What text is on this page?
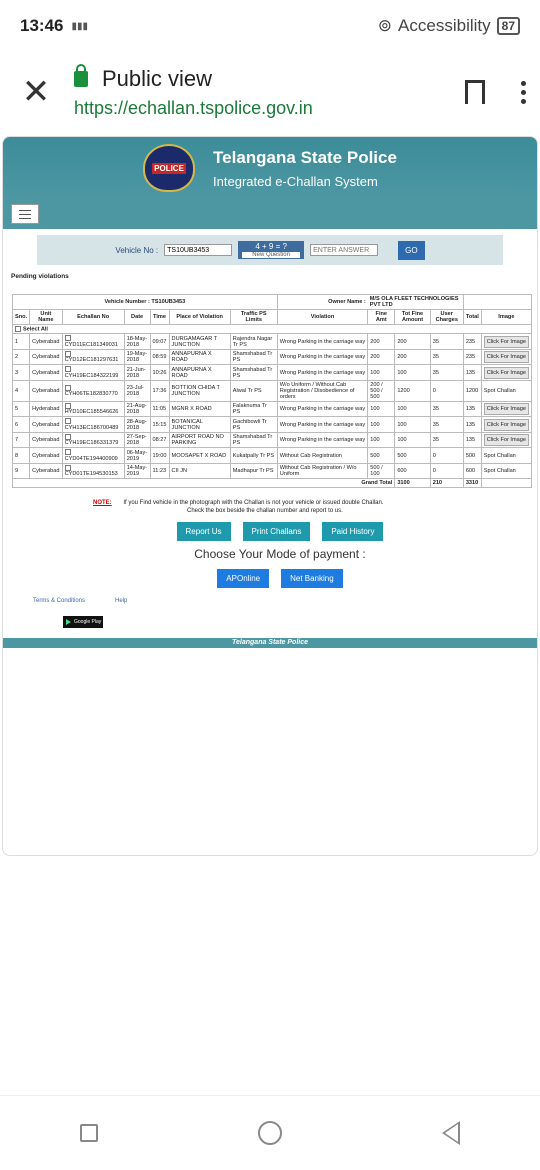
13:46 ▮▮▮	⊚ Accessibility 87
✕	Public view
https://echallan.tspolice.gov.in
POLICE
Telangana State Police
Integrated e-Challan System
Vehicle No :
TS10UB3453	4 + 9 = ?
New Question
ENTER ANSWER
GO
Pending violations
Vehicle Number : TS10UB3453							Owner Name :	M/S OLA FLEET TECHNOLOGIES PVT LTD				
Sno.	Unit Name	Echallan No	Date	Time	Place of Violation	Traffic PS Limits	Violation	Fine Amt	Tot Fine Amount	User Charges	Total	Image
Select All												
1	Cyberabad	CYD11EC181349031	18-May-2018	09:07	DURGAMAGAR T JUNCTION	Rajendra Nagar Tr PS	Wrong Parking in the carriage way	200	200	35	235	Click For Image
2	Cyberabad	CYD12EC181297631	19-May-2018	08:59	ANNAPURNA X ROAD	Shamshabad Tr PS	Wrong Parking in the carriage way	200	200	35	235	Click For Image
3	Cyberabad	CYH19EC184322199	21-Jun-2018	10:26	ANNAPURNA X ROAD	Shamshabad Tr PS	Wrong Parking in the carriage way	100	100	35	135	Click For Image
4	Cyberabad	CYH06TE182830770	23-Jul-2018	17:36	BOTTION CHIDA T JUNCTION	Alwal Tr PS	W/o Uniform / Without Cab Registration / Disobedience of orders	200 / 500 / 500	1200	0	1200	Spot Challan
5	Hyderabad	HYD10EC185546626	21-Aug-2018	11:05	MGNR X ROAD	Falaknuma Tr PS	Wrong Parking in the carriage way	100	100	35	135	Click For Image
6	Cyberabad	CYH13EC186700489	28-Aug-2018	15:15	BOTANICAL JUNCTION	Gachibowli Tr PS	Wrong Parking in the carriage way	100	100	35	135	Click For Image
7	Cyberabad	CYH19EC186331379	27-Sep-2018	08:27	AIRPORT ROAD NO PARKING	Shamshabad Tr PS	Wrong Parking in the carriage way	100	100	35	135	Click For Image
8	Cyberabad	CYD04TE194400909	06-May-2019	19:00	MOOSAPET X ROAD	Kukatpally Tr PS	Without Cab Registration	500	500	0	500	Spot Challan
9	Cyberabad	CYD01TE194530153	14-May-2019	11:23	CII JN	Madhapur Tr PS	Without Cab Registration / W/o Uniform	500 / 100	600	0	600	Spot Challan
Grand Total									3100	210	3310	
NOTE: If you Find vehicle in the photograph with the Challan is not your vehicle or issued double Challan.
Check the box beside the challan number and report to us.
Report Us	Print Challans	Paid History
Choose Your Mode of payment :
APOnline	Net Banking
Terms & Conditions	Help
Google Play
Telangana State Police
